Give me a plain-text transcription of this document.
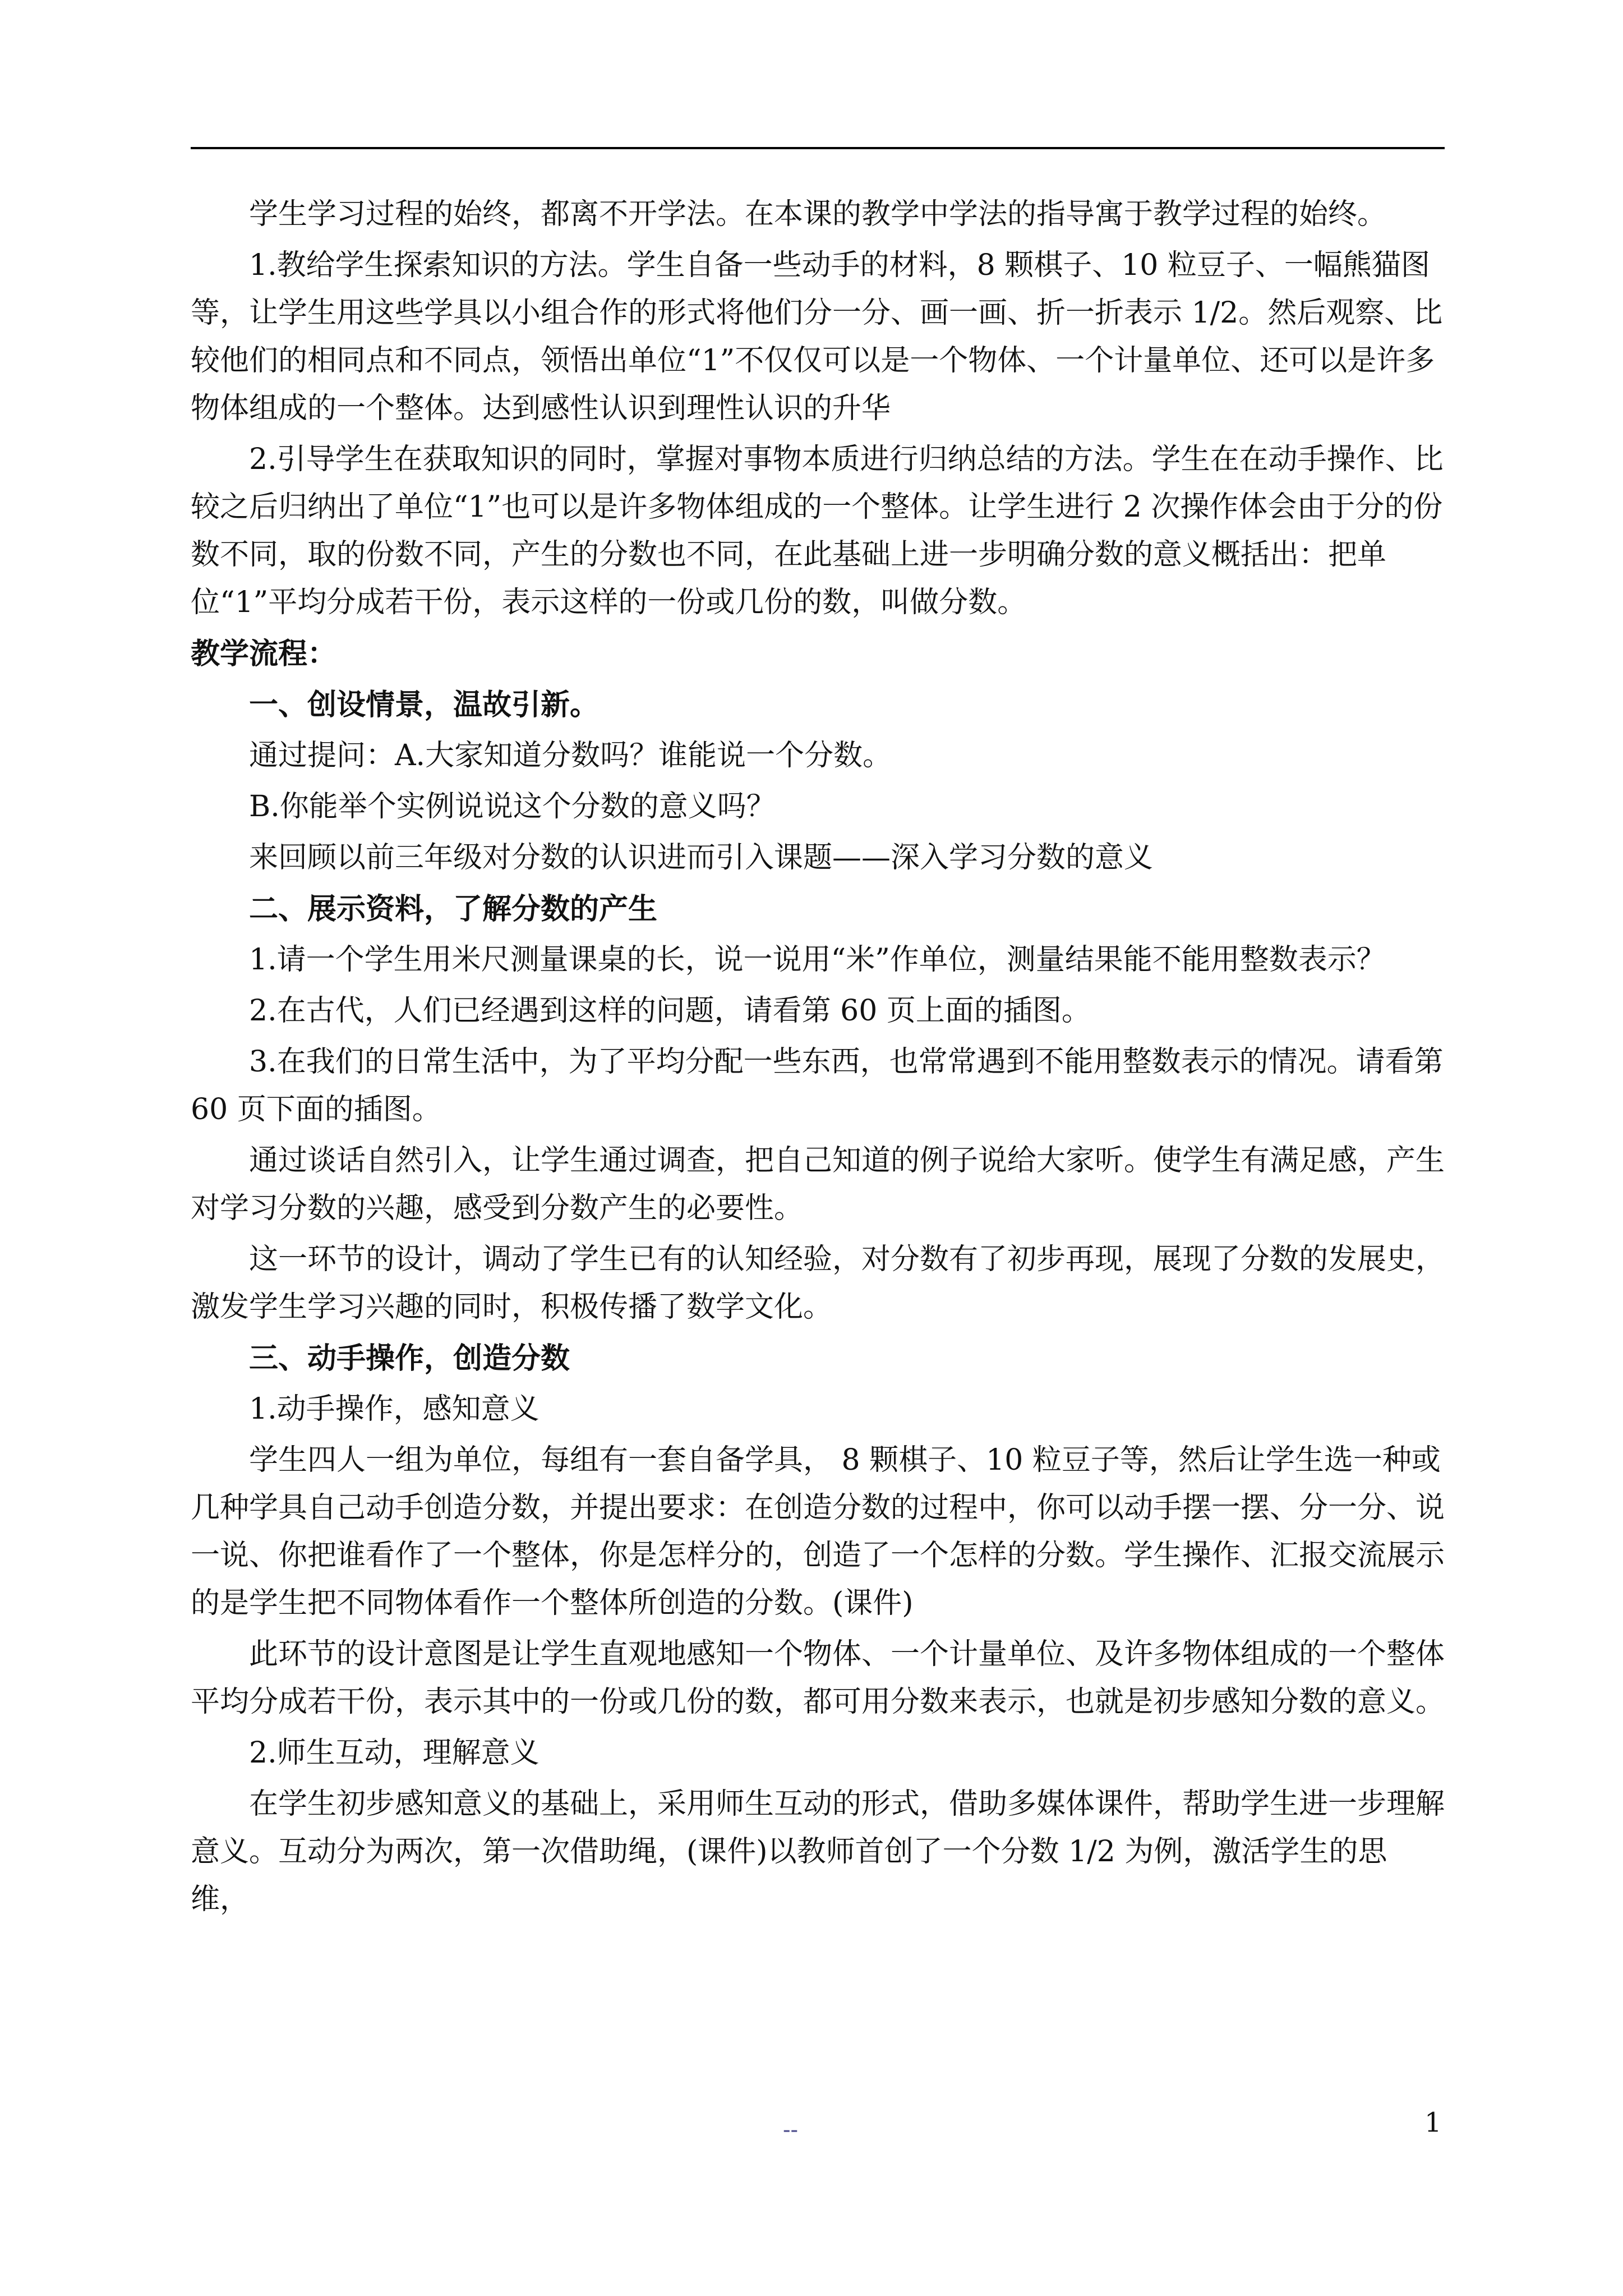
学生学习过程的始终，都离不开学法。在本课的教学中学法的指导寓于教学过程的始终。

1.教给学生探索知识的方法。学生自备一些动手的材料，8 颗棋子、10 粒豆子、一幅熊猫图等，让学生用这些学具以小组合作的形式将他们分一分、画一画、折一折表示 1/2。然后观察、比较他们的相同点和不同点，领悟出单位“1”不仅仅可以是一个物体、一个计量单位、还可以是许多物体组成的一个整体。达到感性认识到理性认识的升华

2.引导学生在获取知识的同时，掌握对事物本质进行归纳总结的方法。学生在在动手操作、比较之后归纳出了单位“1”也可以是许多物体组成的一个整体。让学生进行 2 次操作体会由于分的份数不同，取的份数不同，产生的分数也不同，在此基础上进一步明确分数的意义概括出：把单位“1”平均分成若干份，表示这样的一份或几份的数，叫做分数。

教学流程：

一、创设情景，温故引新。

通过提问：A.大家知道分数吗？谁能说一个分数。

B.你能举个实例说说这个分数的意义吗？

来回顾以前三年级对分数的认识进而引入课题——深入学习分数的意义

二、展示资料，了解分数的产生

1.请一个学生用米尺测量课桌的长，说一说用“米”作单位，测量结果能不能用整数表示？

2.在古代，人们已经遇到这样的问题，请看第 60 页上面的插图。

3.在我们的日常生活中，为了平均分配一些东西，也常常遇到不能用整数表示的情况。请看第 60 页下面的插图。

通过谈话自然引入，让学生通过调查，把自己知道的例子说给大家听。使学生有满足感，产生对学习分数的兴趣，感受到分数产生的必要性。

这一环节的设计，调动了学生已有的认知经验，对分数有了初步再现，展现了分数的发展史，激发学生学习兴趣的同时，积极传播了数学文化。

三、动手操作，创造分数

1.动手操作，感知意义

学生四人一组为单位，每组有一套自备学具， 8 颗棋子、10 粒豆子等，然后让学生选一种或几种学具自己动手创造分数，并提出要求：在创造分数的过程中，你可以动手摆一摆、分一分、说一说、你把谁看作了一个整体，你是怎样分的，创造了一个怎样的分数。学生操作、汇报交流展示的是学生把不同物体看作一个整体所创造的分数。(课件)

此环节的设计意图是让学生直观地感知一个物体、一个计量单位、及许多物体组成的一个整体平均分成若干份，表示其中的一份或几份的数，都可用分数来表示，也就是初步感知分数的意义。

2.师生互动，理解意义

在学生初步感知意义的基础上，采用师生互动的形式，借助多媒体课件，帮助学生进一步理解意义。互动分为两次，第一次借助绳，(课件)以教师首创了一个分数 1/2 为例，激活学生的思维，

--	1
